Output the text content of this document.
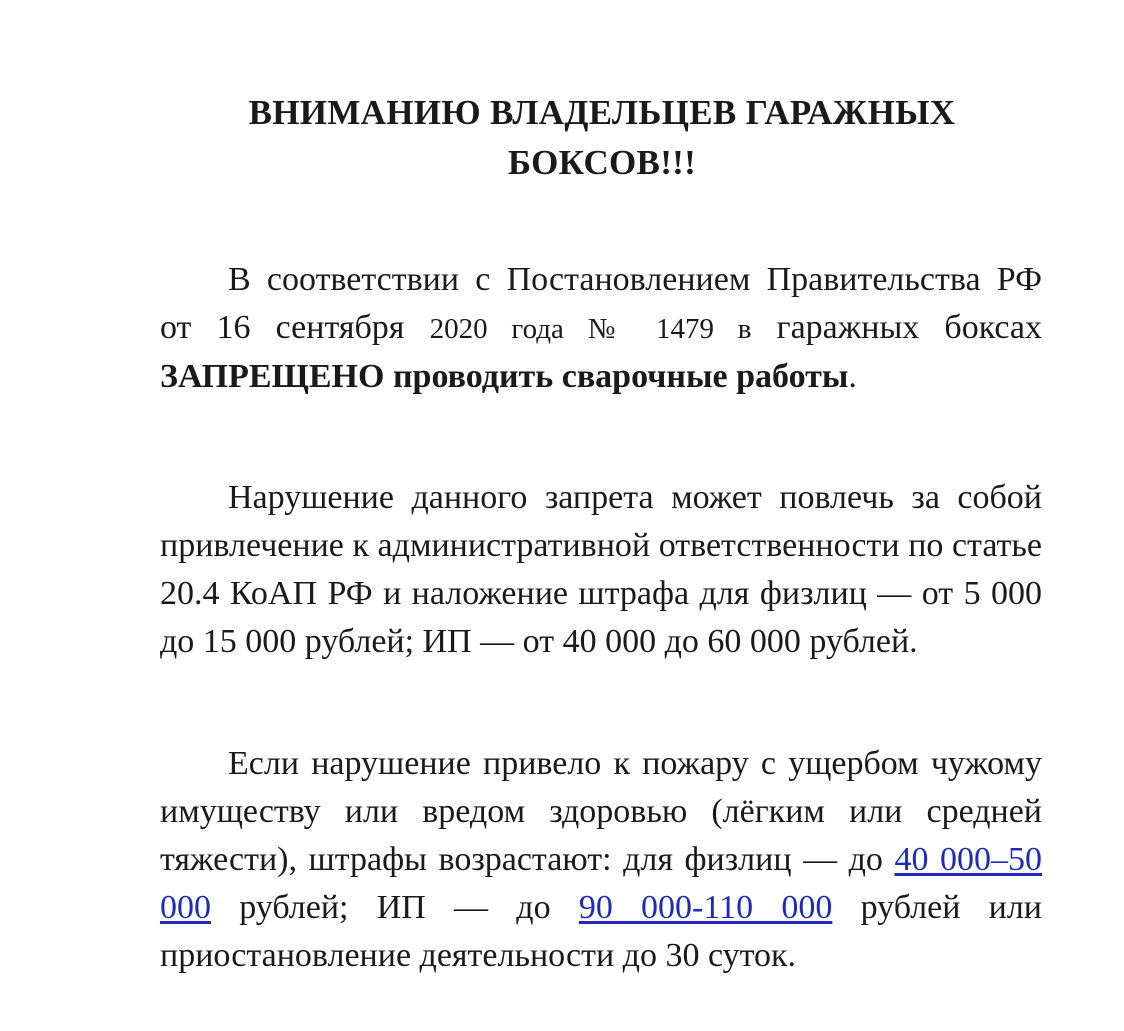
ВНИМАНИЮ ВЛАДЕЛЬЦЕВ ГАРАЖНЫХ
БОКСОВ!!!

В соответствии с Постановлением Правительства РФ от 16 сентября 2020 года № 1479 в гаражных боксах ЗАПРЕЩЕНО проводить сварочные работы.

Нарушение данного запрета может повлечь за собой привлечение к административной ответственности по статье 20.4 КоАП РФ и наложение штрафа для физлиц — от 5 000 до 15 000 рублей; ИП — от 40 000 до 60 000 рублей.

Если нарушение привело к пожару с ущербом чужому имуществу или вредом здоровью (лёгким или средней тяжести), штрафы возрастают: для физлиц — до 40 000–50 000 рублей; ИП — до 90 000-110 000 рублей или приостановление деятельности до 30 суток.
